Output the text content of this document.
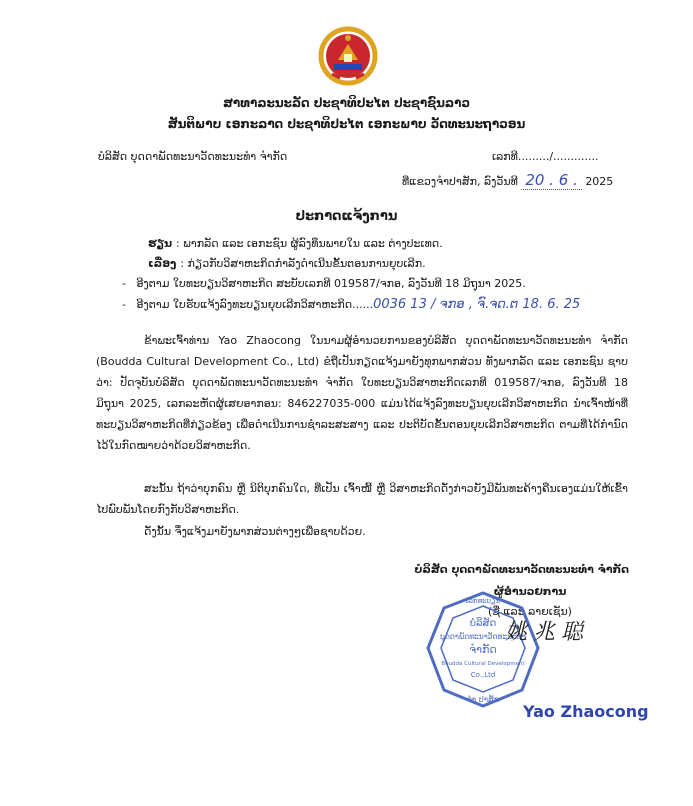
ສາທາລະນະລັດ ປະຊາທິປະໄຕ ປະຊາຊົນລາວ
ສັນຕິພາບ ເອກະລາດ ປະຊາທິປະໄຕ ເອກະພາບ ວັດທະນະຖາວອນ
ບໍລິສັດ ບຸດດາພັດທະນາວັດທະນະທຳ ຈຳກັດ	ເລກທີ........./.............
ທີ່ແຂວງຈຳປາສັກ, ລົງວັນທີ 20 . 6 . 2025
ປະກາດແຈ້ງການ
ຮຽນ : ພາກລັດ ແລະ ເອກະຊົນ ຜູ້ລົງທຶນພາຍໃນ ແລະ ຕ່າງປະເທດ.
ເລື່ອງ : ກ່ຽວກັບວິສາຫະກິດກຳລັງດຳເນີນຂັ້ນຕອນການຍຸບເລີກ.
-   ອີງຕາມ ໃບທະບຽນວິສາຫະກິດ ສະບັບເລກທີ 019587/ຈກອ, ລົງວັນທີ 18 ມິຖຸນາ 2025.
-   ອີງຕາມ ໃບຮັບແຈ້ງລົງທະບຽນຍຸບເລີກວິສາຫະກິດ......0036 13 / ຈກອ , ຈົ.ຈດ.ຕ 18. 6. 25
ຂ້າພະເຈົ້າທ່ານ Yao Zhaocong ໃນນາມຜູ້ອຳນວຍການຂອງບໍລິສັດ ບຸດດາພັດທະນາວັດທະນະທຳ ຈຳກັດ (Boudda Cultural Development Co., Ltd) ຂໍຖືເປັນກຽດແຈ້ງມາຍັງທຸກພາກສ່ວນ ທັງພາກລັດ ແລະ ເອກະຊົນ ຊາບວ່າ: ປັດຈຸບັນບໍລິສັດ ບຸດດາພັດທະນາວັດທະນະທຳ ຈຳກັດ ໃບທະບຽນວິສາຫະກິດເລກທີ 019587/ຈກອ, ລົງວັນທີ 18 ມິຖຸນາ 2025, ເລກລະຫັດຜູ້ເສຍອາກອນ: 846227035-000 ແມ່ນໄດ້ແຈ້ງລົງທະບຽນຍຸບເລີກວິສາຫະກິດ ນຳເຈົ້າໜ້າທີ່ທະບຽນວິສາຫະກິດທີ່ກ່ຽວຂ້ອງ ເພື່ອດຳເນີນການຊຳລະສະສາງ ແລະ ປະຕິບັດຂັ້ນຕອນຍຸບເລີກວິສາຫະກິດ ຕາມທີ່ໄດ້ກຳນົດໄວ້ໃນກົດໝາຍວ່າດ້ວຍວິສາຫະກິດ.
ສະນັ້ນ ຖ້າວ່າບຸກຄົນ ຫຼື ນິຕິບຸກຄົນໃດ, ທີ່ເປັນ ເຈົ້າໜີ້ ຫຼື ວິສາຫະກິດດັ່ງກ່າວຍັງມີພັນທະຄ້າງຄືນເອງແມ່ນໃຫ້ເຂົ້າໄປພົບພັນໂດຍກົງກັບວິສາຫະກິດ.
ດັ່ງນັ້ນ ຈຶ່ງແຈ້ງມາຍັງພາກສ່ວນຕ່າງໆເພື່ອຊາບດ້ວຍ.
ບໍລິສັດ ບຸດດາພັດທະນາວັດທະນະທຳ ຈຳກັດ
ຜູ້ອຳນວຍການ
(ຊື່ ແລະ ລາຍເຊັນ)
ເລກທະບຽນ
ບໍລິສັດ
ບຸດດາພັດທະນາວັດທະນະທຳ
ຈຳກັດ
Boudda Cultural Development
Co.,Ltd
ຈຳ ປາສັກ
姚兆聪
Yao Zhaocong
